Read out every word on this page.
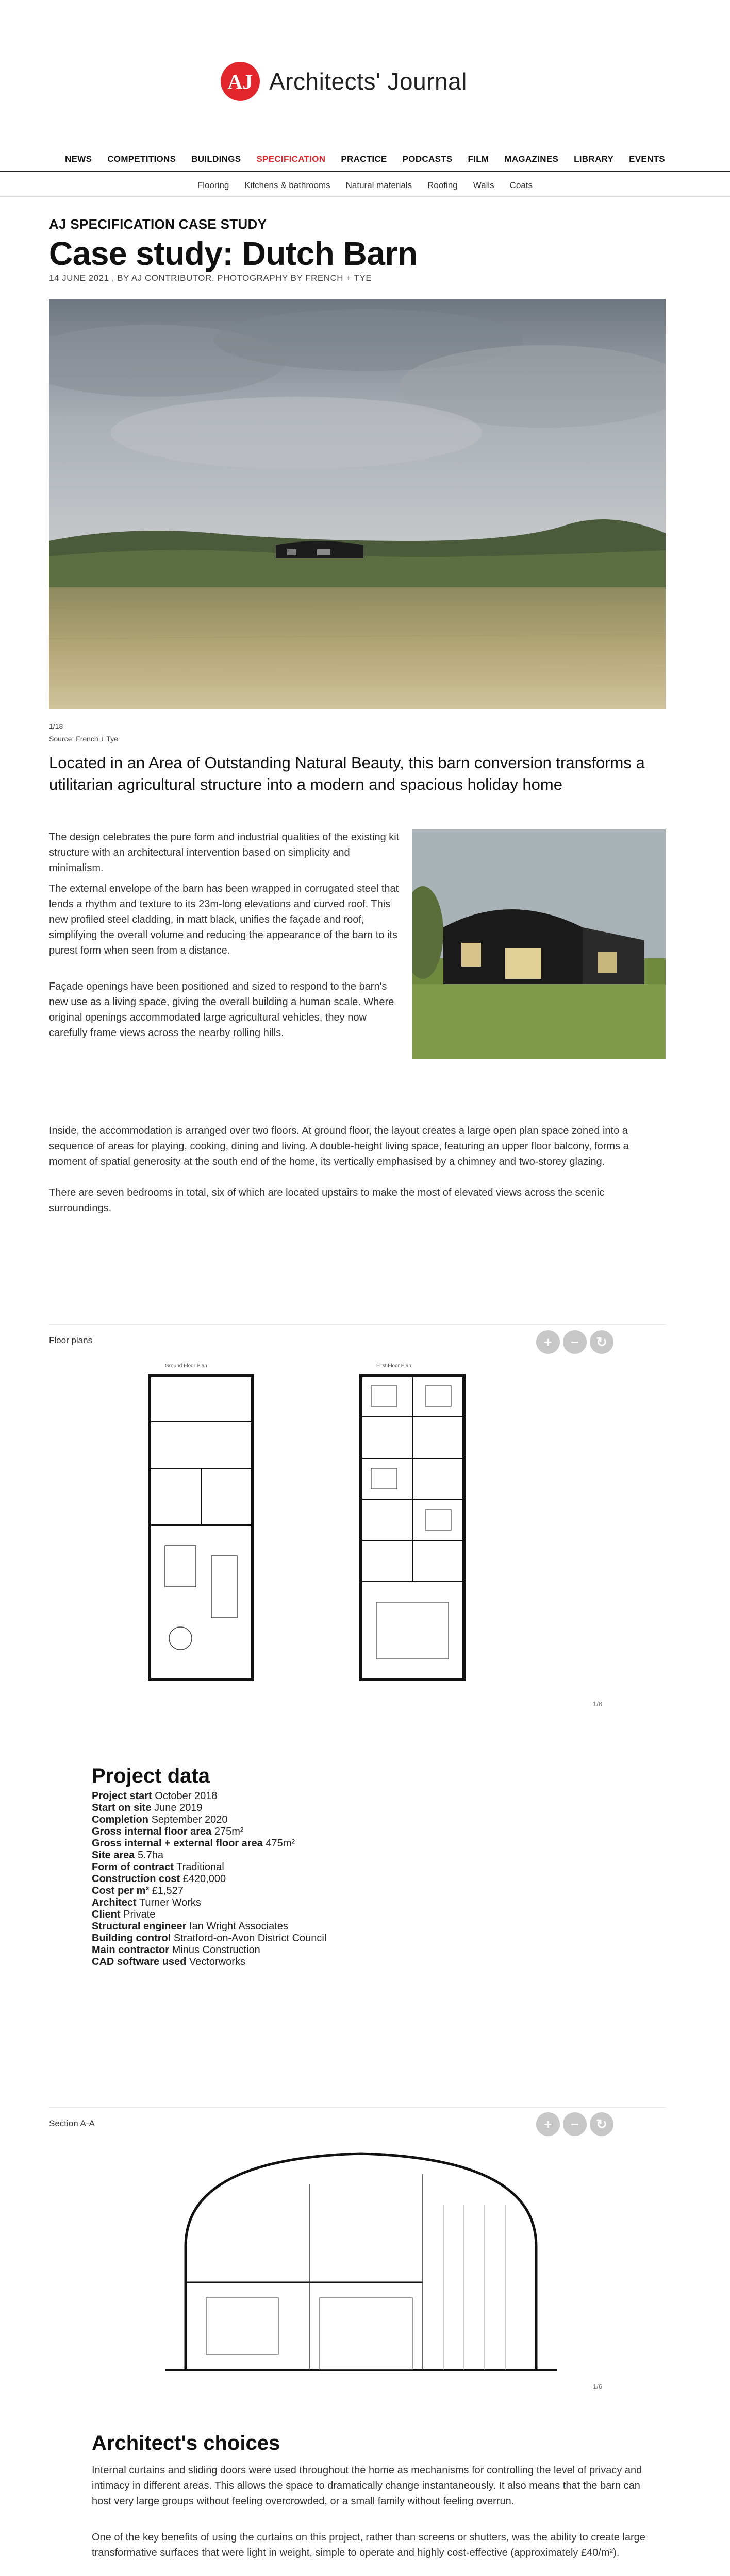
AJ Architects' Journal
NEWS COMPETITIONS BUILDINGS SPECIFICATION PRACTICE PODCASTS FILM MAGAZINES LIBRARY EVENTS
Flooring Kitchens & bathrooms Natural materials Roofing Walls Coats
AJ SPECIFICATION CASE STUDY
Case study: Dutch Barn
14 JUNE 2021 , BY AJ CONTRIBUTOR. PHOTOGRAPHY BY FRENCH + TYE
1/18
Source: French + Tye
Located in an Area of Outstanding Natural Beauty, this barn conversion transforms a utilitarian agricultural structure into a modern and spacious holiday home
The design celebrates the pure form and industrial qualities of the existing kit structure with an architectural intervention based on simplicity and minimalism.
The external envelope of the barn has been wrapped in corrugated steel that lends a rhythm and texture to its 23m-long elevations and curved roof. This new profiled steel cladding, in matt black, unifies the façade and roof, simplifying the overall volume and reducing the appearance of the barn to its purest form when seen from a distance.
Façade openings have been positioned and sized to respond to the barn's new use as a living space, giving the overall building a human scale. Where original openings accommodated large agricultural vehicles, they now carefully frame views across the nearby rolling hills.
Inside, the accommodation is arranged over two floors. At ground floor, the layout creates a large open plan space zoned into a sequence of areas for playing, cooking, dining and living. A double-height living space, featuring an upper floor balcony, forms a moment of spatial generosity at the south end of the home, its vertically emphasised by a chimney and two-storey glazing.
There are seven bedrooms in total, six of which are located upstairs to make the most of elevated views across the scenic surroundings.
Floor plans	+	−	↻
Ground Floor Plan	First Floor Plan
1/6
Project data
Project start October 2018
Start on site June 2019
Completion September 2020
Gross internal floor area 275m²
Gross internal + external floor area 475m²
Site area 5.7ha
Form of contract Traditional
Construction cost £420,000
Cost per m² £1,527
Architect Turner Works
Client Private
Structural engineer Ian Wright Associates
Building control Stratford-on-Avon District Council
Main contractor Minus Construction
CAD software used Vectorworks
Section A-A	+	−	↻
1/6
Architect's choices
Internal curtains and sliding doors were used throughout the home as mechanisms for controlling the level of privacy and intimacy in different areas. This allows the space to dramatically change instantaneously. It also means that the barn can host very large groups without feeling overcrowded, or a small family without feeling overrun.
One of the key benefits of using the curtains on this project, rather than screens or shutters, was the ability to create large transformative surfaces that were light in weight, simple to operate and highly cost-effective (approximately £40/m²).
